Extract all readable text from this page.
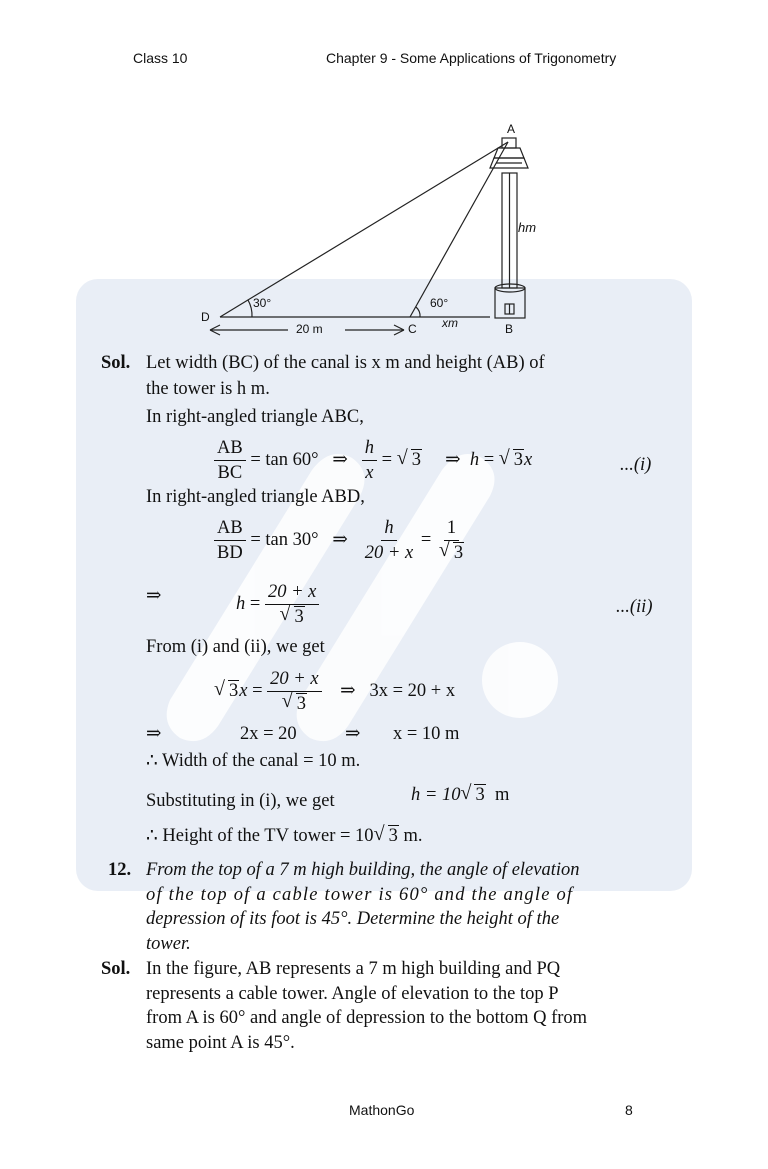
Class 10	Chapter 9 - Some Applications of Trigonometry
A
hm
D
30°	60°
xm	B
20 m	C
Sol. Let width (BC) of the canal is x m and height (AB) of
the tower is h m.
In right-angled triangle ABC,
$\frac{AB}{BC} = \tan 60^\circ$ ⇒ $\frac{h}{x}$ = √ 3 ⇒ h = √ 3x	...(i)
In right-angled triangle ABD,
$\frac{AB}{BD} = \tan 30^\circ$ ⇒ $\frac{h}{20 + x} = \frac{1}{√ 3}$
⇒	$h = \frac{20 + x}{√ 3}$	...(ii)
From (i) and (ii), we get
√ $3x = \frac{20 + x}{√ 3}$ ⇒ 3x = 20 + x
⇒	2x = 20	⇒ x = 10 m
∴ Width of the canal = 10 m.
Substituting in (i), we get	h = 10 √ 3 m
∴ Height of the TV tower = 10 √ 3 m.
12. From the top of a 7 m high building, the angle of elevation
of the top of a cable tower is 60° and the angle of
depression of its foot is 45°. Determine the height of the
tower.
Sol. In the figure, AB represents a 7 m high building and PQ
represents a cable tower. Angle of elevation to the top P
from A is 60° and angle of depression to the bottom Q from
same point A is 45°.
MathonGo	8
